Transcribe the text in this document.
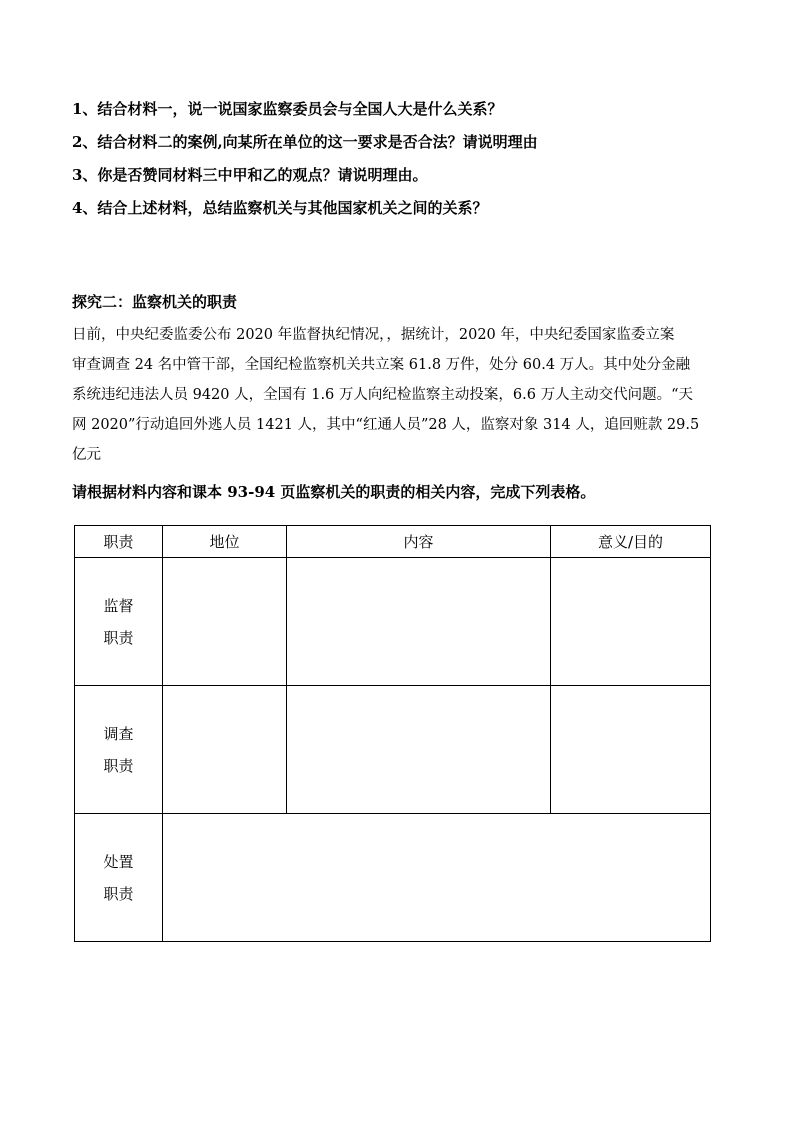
1、结合材料一，说一说国家监察委员会与全国人大是什么关系？
2、结合材料二的案例,向某所在单位的这一要求是否合法？请说明理由
3、你是否赞同材料三中甲和乙的观点？请说明理由。
4、结合上述材料，总结监察机关与其他国家机关之间的关系？
探究二：监察机关的职责
日前，中央纪委监委公布 2020 年监督执纪情况，，据统计，2020 年，中央纪委国家监委立案
审查调查 24 名中管干部，全国纪检监察机关共立案 61.8 万件，处分 60.4 万人。其中处分金融
系统违纪违法人员 9420 人，全国有 1.6 万人向纪检监察主动投案，6.6 万人主动交代问题。“天
网 2020”行动追回外逃人员 1421 人，其中“红通人员”28 人，监察对象 314 人，追回赃款 29.5
亿元
请根据材料内容和课本 93-94 页监察机关的职责的相关内容，完成下列表格。
职责	地位	内容	意义/目的

监督
职责			

调查
职责			

处置
职责			
